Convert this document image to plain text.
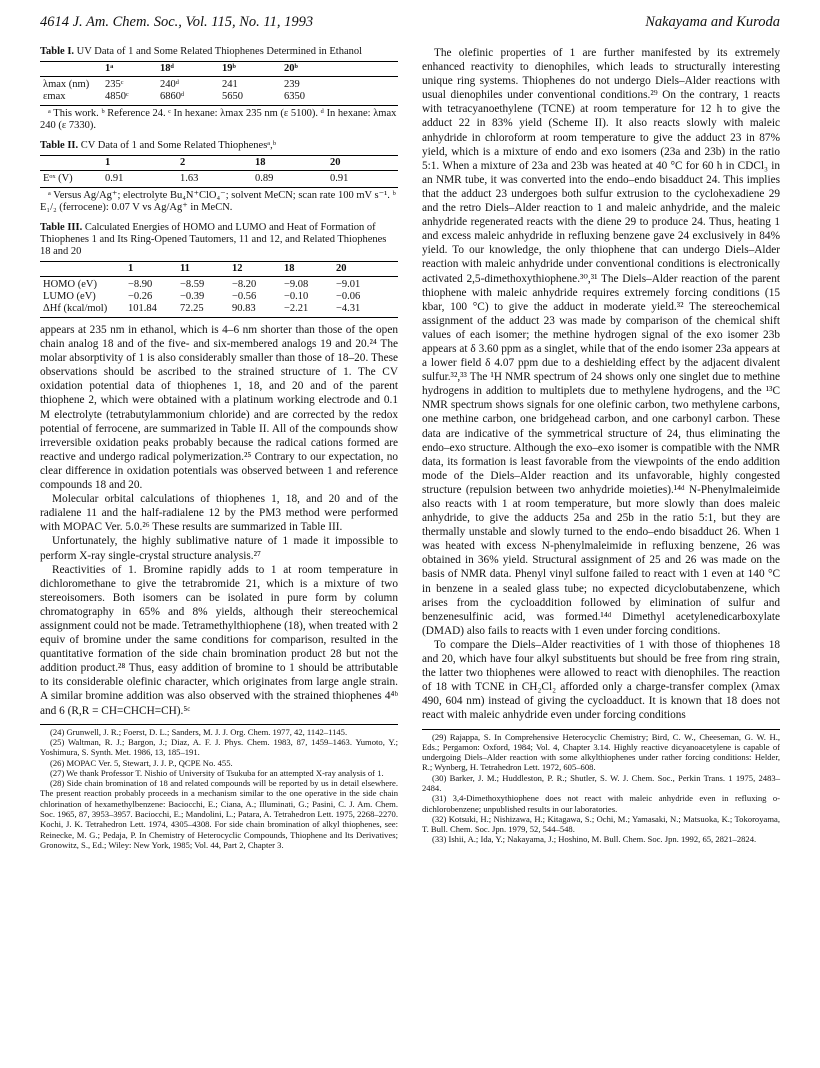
4614 J. Am. Chem. Soc., Vol. 115, No. 11, 1993	Nakayama and Kuroda
Table I. UV Data of 1 and Some Related Thiophenes Determined in Ethanol
	1ᵃ	18ᵈ	19ᵇ	20ᵇ
λmax (nm)	235ᶜ	240ᵈ	241	239
εmax	4850ᶜ	6860ᵈ	5650	6350
ᵃ This work. ᵇ Reference 24. ᶜ In hexane: λmax 235 nm (ε 5100). ᵈ In hexane: λmax 240 (ε 7330).
Table II. CV Data of 1 and Some Related Thiophenesᵃ,ᵇ
	1	2	18	20
Eᵒˣ (V)	0.91	1.63	0.89	0.91
ᵃ Versus Ag/Ag⁺; electrolyte Bu₄N⁺ClO₄⁻; solvent MeCN; scan rate 100 mV s⁻¹. ᵇ E₁/₂ (ferrocene): 0.07 V vs Ag/Ag⁺ in MeCN.
Table III. Calculated Energies of HOMO and LUMO and Heat of Formation of Thiophenes 1 and Its Ring-Opened Tautomers, 11 and 12, and Related Thiophenes 18 and 20
	1	11	12	18	20
HOMO (eV)	−8.90	−8.59	−8.20	−9.08	−9.01
LUMO (eV)	−0.26	−0.39	−0.56	−0.10	−0.06
ΔHf (kcal/mol)	101.84	72.25	90.83	−2.21	−4.31

appears at 235 nm in ethanol, which is 4–6 nm shorter than those of the open chain analog 18 and of the five- and six-membered analogs 19 and 20.²⁴ The molar absorptivity of 1 is also considerably smaller than those of 18–20. These observations should be ascribed to the strained structure of 1. The CV oxidation potential data of thiophenes 1, 18, and 20 and of the parent thiophene 2, which were obtained with a platinum working electrode and 0.1 M electrolyte (tetrabutylammonium chloride) and are corrected by the redox potential of ferrocene, are summarized in Table II. All of the compounds show irreversible oxidation peaks probably because the radical cations formed are reactive and undergo radical polymerization.²⁵ Contrary to our expectation, no clear difference in oxidation potentials was observed between 1 and reference compounds 18 and 20.

Molecular orbital calculations of thiophenes 1, 18, and 20 and of the radialene 11 and the half-radialene 12 by the PM3 method were performed with MOPAC Ver. 5.0.²⁶ These results are summarized in Table III.

Unfortunately, the highly sublimative nature of 1 made it impossible to perform X-ray single-crystal structure analysis.²⁷

Reactivities of 1. Bromine rapidly adds to 1 at room temperature in dichloromethane to give the tetrabromide 21, which is a mixture of two stereoisomers. Both isomers can be isolated in pure form by column chromatography in 65% and 8% yields, although their stereochemical assignment could not be made. Tetramethylthiophene (18), when treated with 2 equiv of bromine under the same conditions for comparison, resulted in the quantitative formation of the side chain bromination product 28 but not the addition product.²⁸ Thus, easy addition of bromine to 1 should be attributable to its considerable olefinic character, which originates from large angle strain. A similar bromine addition was also observed with the strained thiophenes 4⁴ᵇ and 6 (R,R = CH=CHCH=CH).⁵ᶜ

(24) Grunwell, J. R.; Foerst, D. L.; Sanders, M. J. J. Org. Chem. 1977, 42, 1142–1145.

(25) Waltman, R. J.; Bargon, J.; Diaz, A. F. J. Phys. Chem. 1983, 87, 1459–1463. Yumoto, Y.; Yoshimura, S. Synth. Met. 1986, 13, 185–191.

(26) MOPAC Ver. 5, Stewart, J. J. P., QCPE No. 455.

(27) We thank Professor T. Nishio of University of Tsukuba for an attempted X-ray analysis of 1.

(28) Side chain bromination of 18 and related compounds will be reported by us in detail elsewhere. The present reaction probably proceeds in a mechanism similar to the one operative in the side chain chlorination of hexamethylbenzene: Baciocchi, E.; Ciana, A.; Illuminati, G.; Pasini, C. J. Am. Chem. Soc. 1965, 87, 3953–3957. Baciocchi, E.; Mandolini, L.; Patara, A. Tetrahedron Lett. 1975, 2268–2270. Kochi, J. K. Tetrahedron Lett. 1974, 4305–4308. For side chain bromination of alkyl thiophenes, see: Reinecke, M. G.; Pedaja, P. In Chemistry of Heterocyclic Compounds, Thiophene and Its Derivatives; Gronowitz, S., Ed.; Wiley: New York, 1985; Vol. 44, Part 2, Chapter 3.

The olefinic properties of 1 are further manifested by its extremely enhanced reactivity to dienophiles, which leads to structurally interesting unique ring systems. Thiophenes do not undergo Diels–Alder reactions with usual dienophiles under conventional conditions.²⁹ On the contrary, 1 reacts with tetracyanoethylene (TCNE) at room temperature for 12 h to give the adduct 22 in 83% yield (Scheme II). It also reacts slowly with maleic anhydride in chloroform at room temperature to give the adduct 23 in 87% yield, which is a mixture of endo and exo isomers (23a and 23b) in the ratio 5:1. When a mixture of 23a and 23b was heated at 40 °C for 60 h in CDCl₃ in an NMR tube, it was converted into the endo–endo bisadduct 24. This implies that the adduct 23 undergoes both sulfur extrusion to the cyclohexadiene 29 and the retro Diels–Alder reaction to 1 and maleic anhydride, and the maleic anhydride regenerated reacts with the diene 29 to produce 24. Thus, heating 1 and excess maleic anhydride in refluxing benzene gave 24 exclusively in 84% yield. To our knowledge, the only thiophene that can undergo Diels–Alder reaction with maleic anhydride under conventional conditions is electronically activated 2,5-dimethoxythiophene.³⁰,³¹ The Diels–Alder reaction of the parent thiophene with maleic anhydride requires extremely forcing conditions (15 kbar, 100 °C) to give the adduct in moderate yield.³² The stereochemical assignment of the adduct 23 was made by comparison of the chemical shift values of each isomer; the methine hydrogen signal of the exo isomer 23b appears at δ 3.60 ppm as a singlet, while that of the endo isomer 23a appears at a lower field δ 4.07 ppm due to a deshielding effect by the adjacent divalent sulfur.³²,³³ The ¹H NMR spectrum of 24 shows only one singlet due to methine hydrogens in addition to multiplets due to methylene hydrogens, and the ¹³C NMR spectrum shows signals for one olefinic carbon, two methylene carbons, one methine carbon, one bridgehead carbon, and one carbonyl carbon. These data are indicative of the symmetrical structure of 24, thus eliminating the endo–exo structure. Although the exo–exo isomer is compatible with the NMR data, its formation is least favorable from the viewpoints of the endo addition mode of the Diels–Alder reaction and its unfavorable, highly congested structure (repulsion between two anhydride moieties).¹⁴ᵈ N-Phenylmaleimide also reacts with 1 at room temperature, but more slowly than does maleic anhydride, to give the adducts 25a and 25b in the ratio 5:1, but they are thermally unstable and slowly turned to the endo–endo bisadduct 26. When 1 was heated with excess N-phenylmaleimide in refluxing benzene, 26 was obtained in 36% yield. Structural assignment of 25 and 26 was made on the basis of NMR data. Phenyl vinyl sulfone failed to react with 1 even at 140 °C in benzene in a sealed glass tube; no expected dicyclobutabenzene, which arises from the cycloaddition followed by elimination of sulfur and benzenesulfinic acid, was formed.¹⁴ᵈ Dimethyl acetylenedicarboxylate (DMAD) also fails to reacts with 1 even under forcing conditions.

To compare the Diels–Alder reactivities of 1 with those of thiophenes 18 and 20, which have four alkyl substituents but should be free from ring strain, the latter two thiophenes were allowed to react with dienophiles. The reaction of 18 with TCNE in CH₂Cl₂ afforded only a charge-transfer complex (λmax 490, 604 nm) instead of giving the cycloadduct. It is known that 18 does not react with maleic anhydride even under forcing conditions

(29) Rajappa, S. In Comprehensive Heterocyclic Chemistry; Bird, C. W., Cheeseman, G. W. H., Eds.; Pergamon: Oxford, 1984; Vol. 4, Chapter 3.14. Highly reactive dicyanoacetylene is capable of undergoing Diels–Alder reaction with some alkylthiophenes under rather forcing conditions: Helder, R.; Wynberg, H. Tetrahedron Lett. 1972, 605–608.

(30) Barker, J. M.; Huddleston, P. R.; Shutler, S. W. J. Chem. Soc., Perkin Trans. 1 1975, 2483–2484.

(31) 3,4-Dimethoxythiophene does not react with maleic anhydride even in refluxing o-dichlorobenzene; unpublished results in our laboratories.

(32) Kotsuki, H.; Nishizawa, H.; Kitagawa, S.; Ochi, M.; Yamasaki, N.; Matsuoka, K.; Tokoroyama, T. Bull. Chem. Soc. Jpn. 1979, 52, 544–548.

(33) Ishii, A.; Ida, Y.; Nakayama, J.; Hoshino, M. Bull. Chem. Soc. Jpn. 1992, 65, 2821–2824.
